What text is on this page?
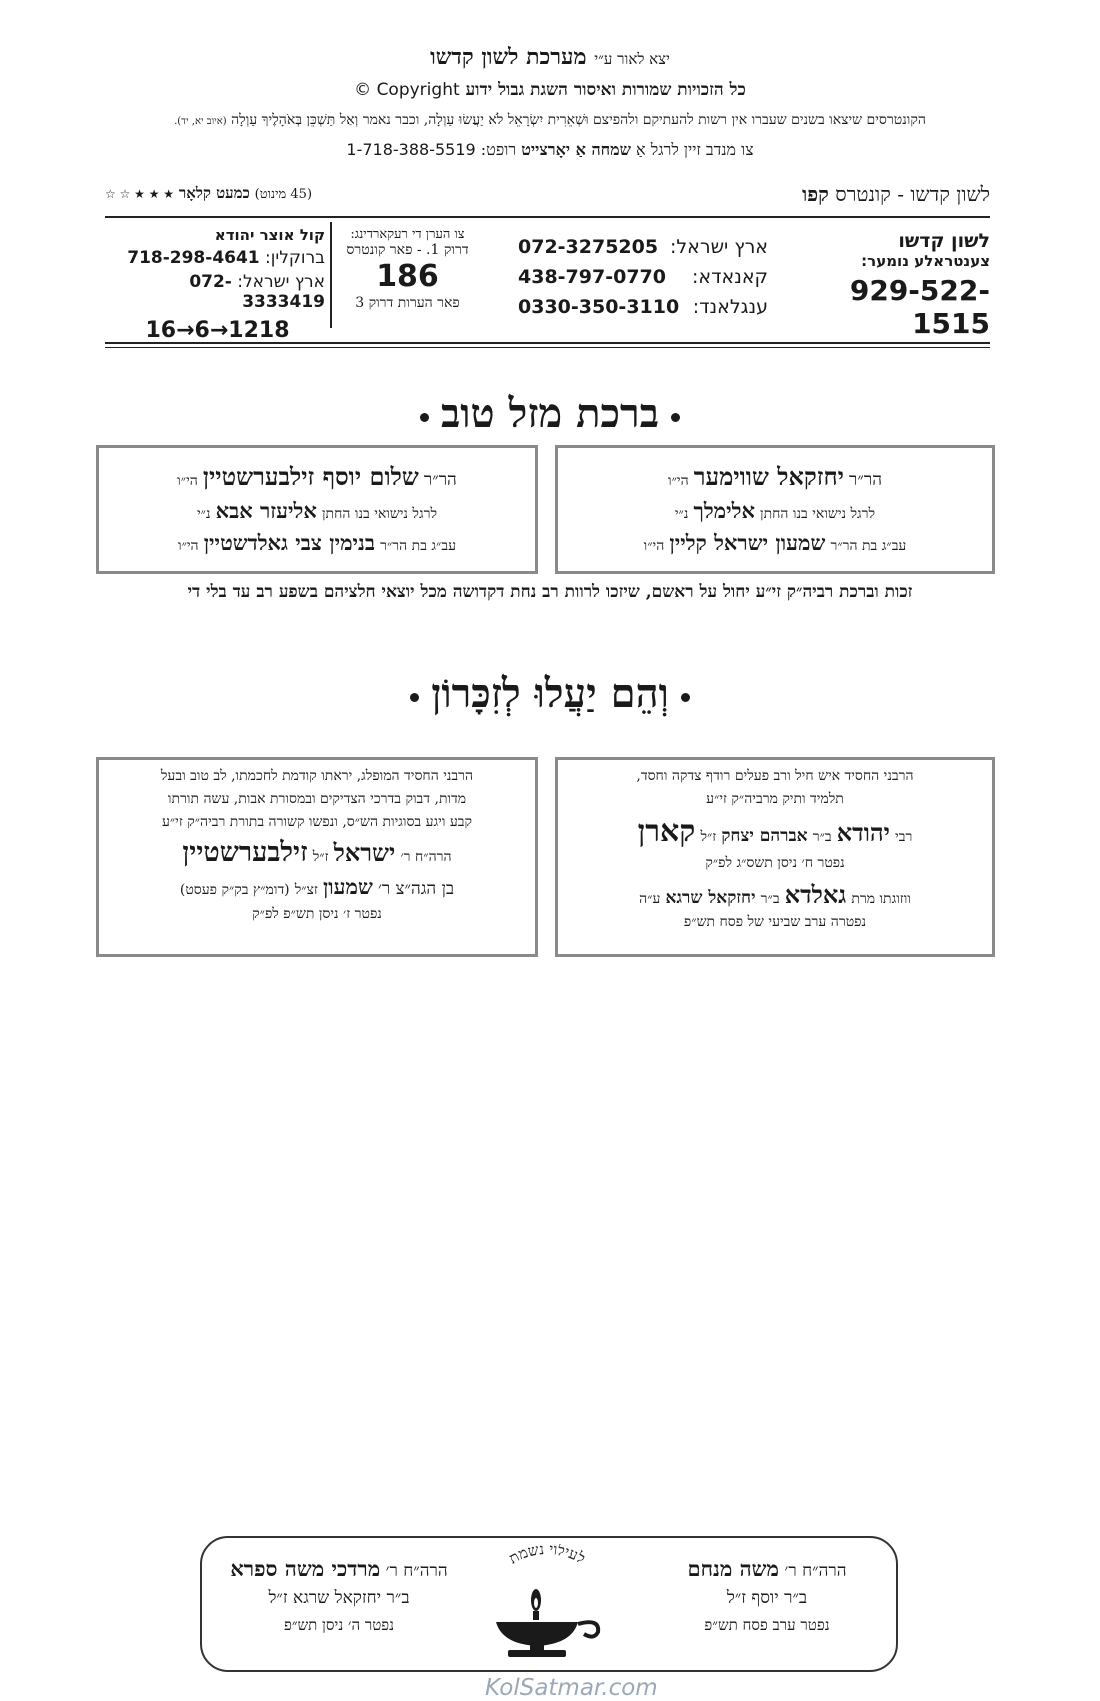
יצא לאור ע״י מערכת לשון קדשו
כל הזכויות שמורות ואיסור השגת גבול ידוע Copyright ©
הקונטרסים שיצאו בשנים שעברו אין רשות להעתיקם ולהפיצם וּשְׁאֵרִית יִשְׂרָאֵל לֹא יַעֲשׂוּ עַוְלָה, וכבר נאמר וְאַל תַּשְׁכֵּן בְּאֹהָלֶיךָ עַוְלָה (איוב יא, יד).
צו מנדב זיין לרגל אַ שמחה אַ יאָרצייט רופט: 1-718-388-5519
לשון קדשו - קונטרס קפו
(45 מינוט) כמעט קלאָר ★ ★ ★ ☆ ☆
לשון קדשו
צענטראלע נומער:
929-522-1515
ארץ ישראל:
072-3275205
קאנאדא:
438-797-0770
ענגלאנד:
0330-350-3110
צו הערן די רעקארדינג:
דרוק 1. - פאר קונטרס
186
פאר הערות דרוק 3
קול אוצר יהודא
ברוקלין: 718-298-4641
ארץ ישראל: 072-3333419
16→6→1218
ברכת מזל טוב
הר״ר יחזקאל שווימער הי״ו
לרגל נישואי בנו החתן אלימלך נ״י
עב״ג בת הר״ר שמעון ישראל קליין הי״ו
הר״ר שלום יוסף זילבערשטיין הי״ו
לרגל נישואי בנו החתן אליעזר אבא נ״י
עב״ג בת הר״ר בנימין צבי גאלדשטיין הי״ו
זכות וברכת רביה״ק זי״ע יחול על ראשם, שיזכו לרוות רב נחת דקדושה מכל יוצאי חלציהם בשפע רב עד בלי די
וְהֵם יַעֲלוּ לְזִכָּרוֹן
הרבני החסיד איש חיל ורב פעלים רודף צדקה וחסד,
תלמיד ותיק מרביה״ק זי״ע
רבי יהודא ב״ר אברהם יצחק ז״ל קארן
נפטר ח׳ ניסן תשס״ג לפ״ק
ווזוגתו מרת גאלדא ב״ר יחזקאל שרגא ע״ה
נפטרה ערב שביעי של פסח תש״פ
הרבני החסיד המופלג, יראתו קודמת לחכמתו, לב טוב ובעל
מדות, דבוק בדרכי הצדיקים ובמסורת אבות, עשה תורתו
קבע ויגע בסוגיות הש״ס, ונפשו קשורה בתורת רביה״ק זי״ע
הרה״ח ר׳ ישראל ז״ל זילבערשטיין
בן הגה״צ ר׳ שמעון זצ״ל (דומ״ץ בק״ק פעסט)
נפטר ז׳ ניסן תש״פ לפ״ק
הרה״ח ר׳ משה מנחם
ב״ר יוסף ז״ל
נפטר ערב פסח תש״פ
הרה״ח ר׳ מרדכי משה ספרא
ב״ר יחזקאל שרגא ז״ל
נפטר ה׳ ניסן תש״פ
לעילוי נשמת
KolSatmar.com
